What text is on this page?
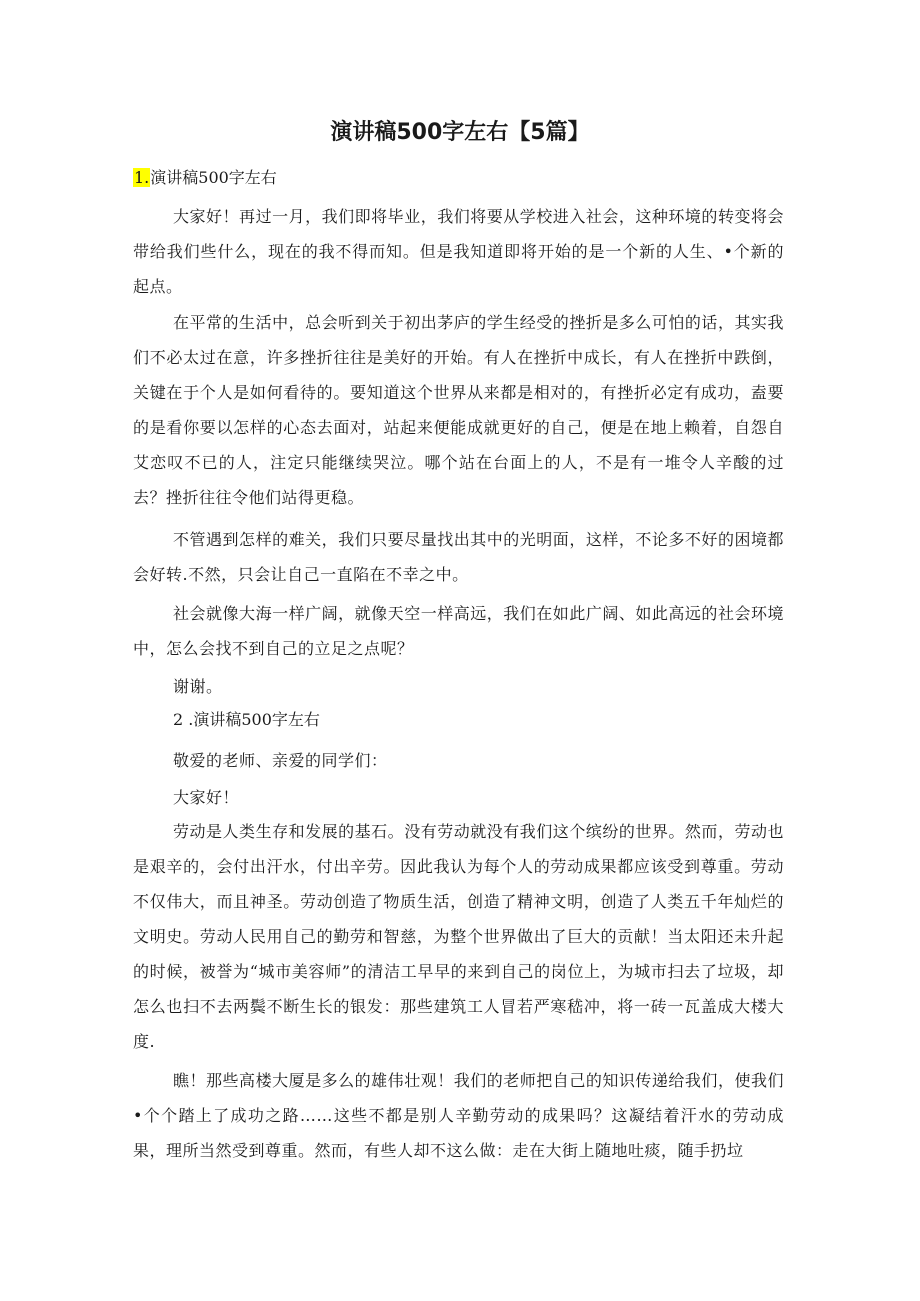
演讲稿500字左右【5篇】
1.演讲稿500字左右

大家好！再过一月，我们即将毕业，我们将要从学校进入社会，这种环境的转变将会带给我们些什么，现在的我不得而知。但是我知道即将开始的是一个新的人生、•个新的起点。

在平常的生活中，总会听到关于初出茅庐的学生经受的挫折是多么可怕的话，其实我们不必太过在意，许多挫折往往是美好的开始。有人在挫折中成长，有人在挫折中跌倒，关键在于个人是如何看待的。要知道这个世界从来都是相对的，有挫折必定有成功，盍要的是看你要以怎样的心态去面对，站起来便能成就更好的自己，便是在地上赖着，自怨自艾恋叹不已的人，注定只能继续哭泣。哪个站在台面上的人，不是有一堆令人辛酸的过去？挫折往往令他们站得更稳。

不管遇到怎样的难关，我们只要尽量找出其中的光明面，这样，不论多不好的困境都会好转.不然，只会让自己一直陷在不幸之中。

社会就像大海一样广阔，就像天空一样高远，我们在如此广阔、如此高远的社会环境中，怎么会找不到自己的立足之点呢？

谢谢。

2 .演讲稿500字左右

敬爱的老师、亲爱的同学们：

大家好！

劳动是人类生存和发展的基石。没有劳动就没有我们这个缤纷的世界。然而，劳动也是艰辛的，会付出汗水，付出辛劳。因此我认为每个人的劳动成果都应该受到尊重。劳动不仅伟大，而且神圣。劳动创造了物质生活，创造了精神文明，创造了人类五千年灿烂的文明史。劳动人民用自己的勤劳和智慈，为整个世界做出了巨大的贡献！当太阳还未升起的时候，被誉为“城市美容师”的清洁工早早的来到自己的岗位上，为城市扫去了垃圾，却怎么也扫不去两鬓不断生长的银发：那些建筑工人冒若严寒嵇冲，将一砖一瓦盖成大楼大度.

瞧！那些高楼大厦是多么的雄伟壮观！我们的老师把自己的知识传递给我们，使我们•个个踏上了成功之路……这些不都是别人辛勤劳动的成果吗？这凝结着汗水的劳动成果，理所当然受到尊重。然而，有些人却不这么做：走在大街上随地吐痰，随手扔垃
